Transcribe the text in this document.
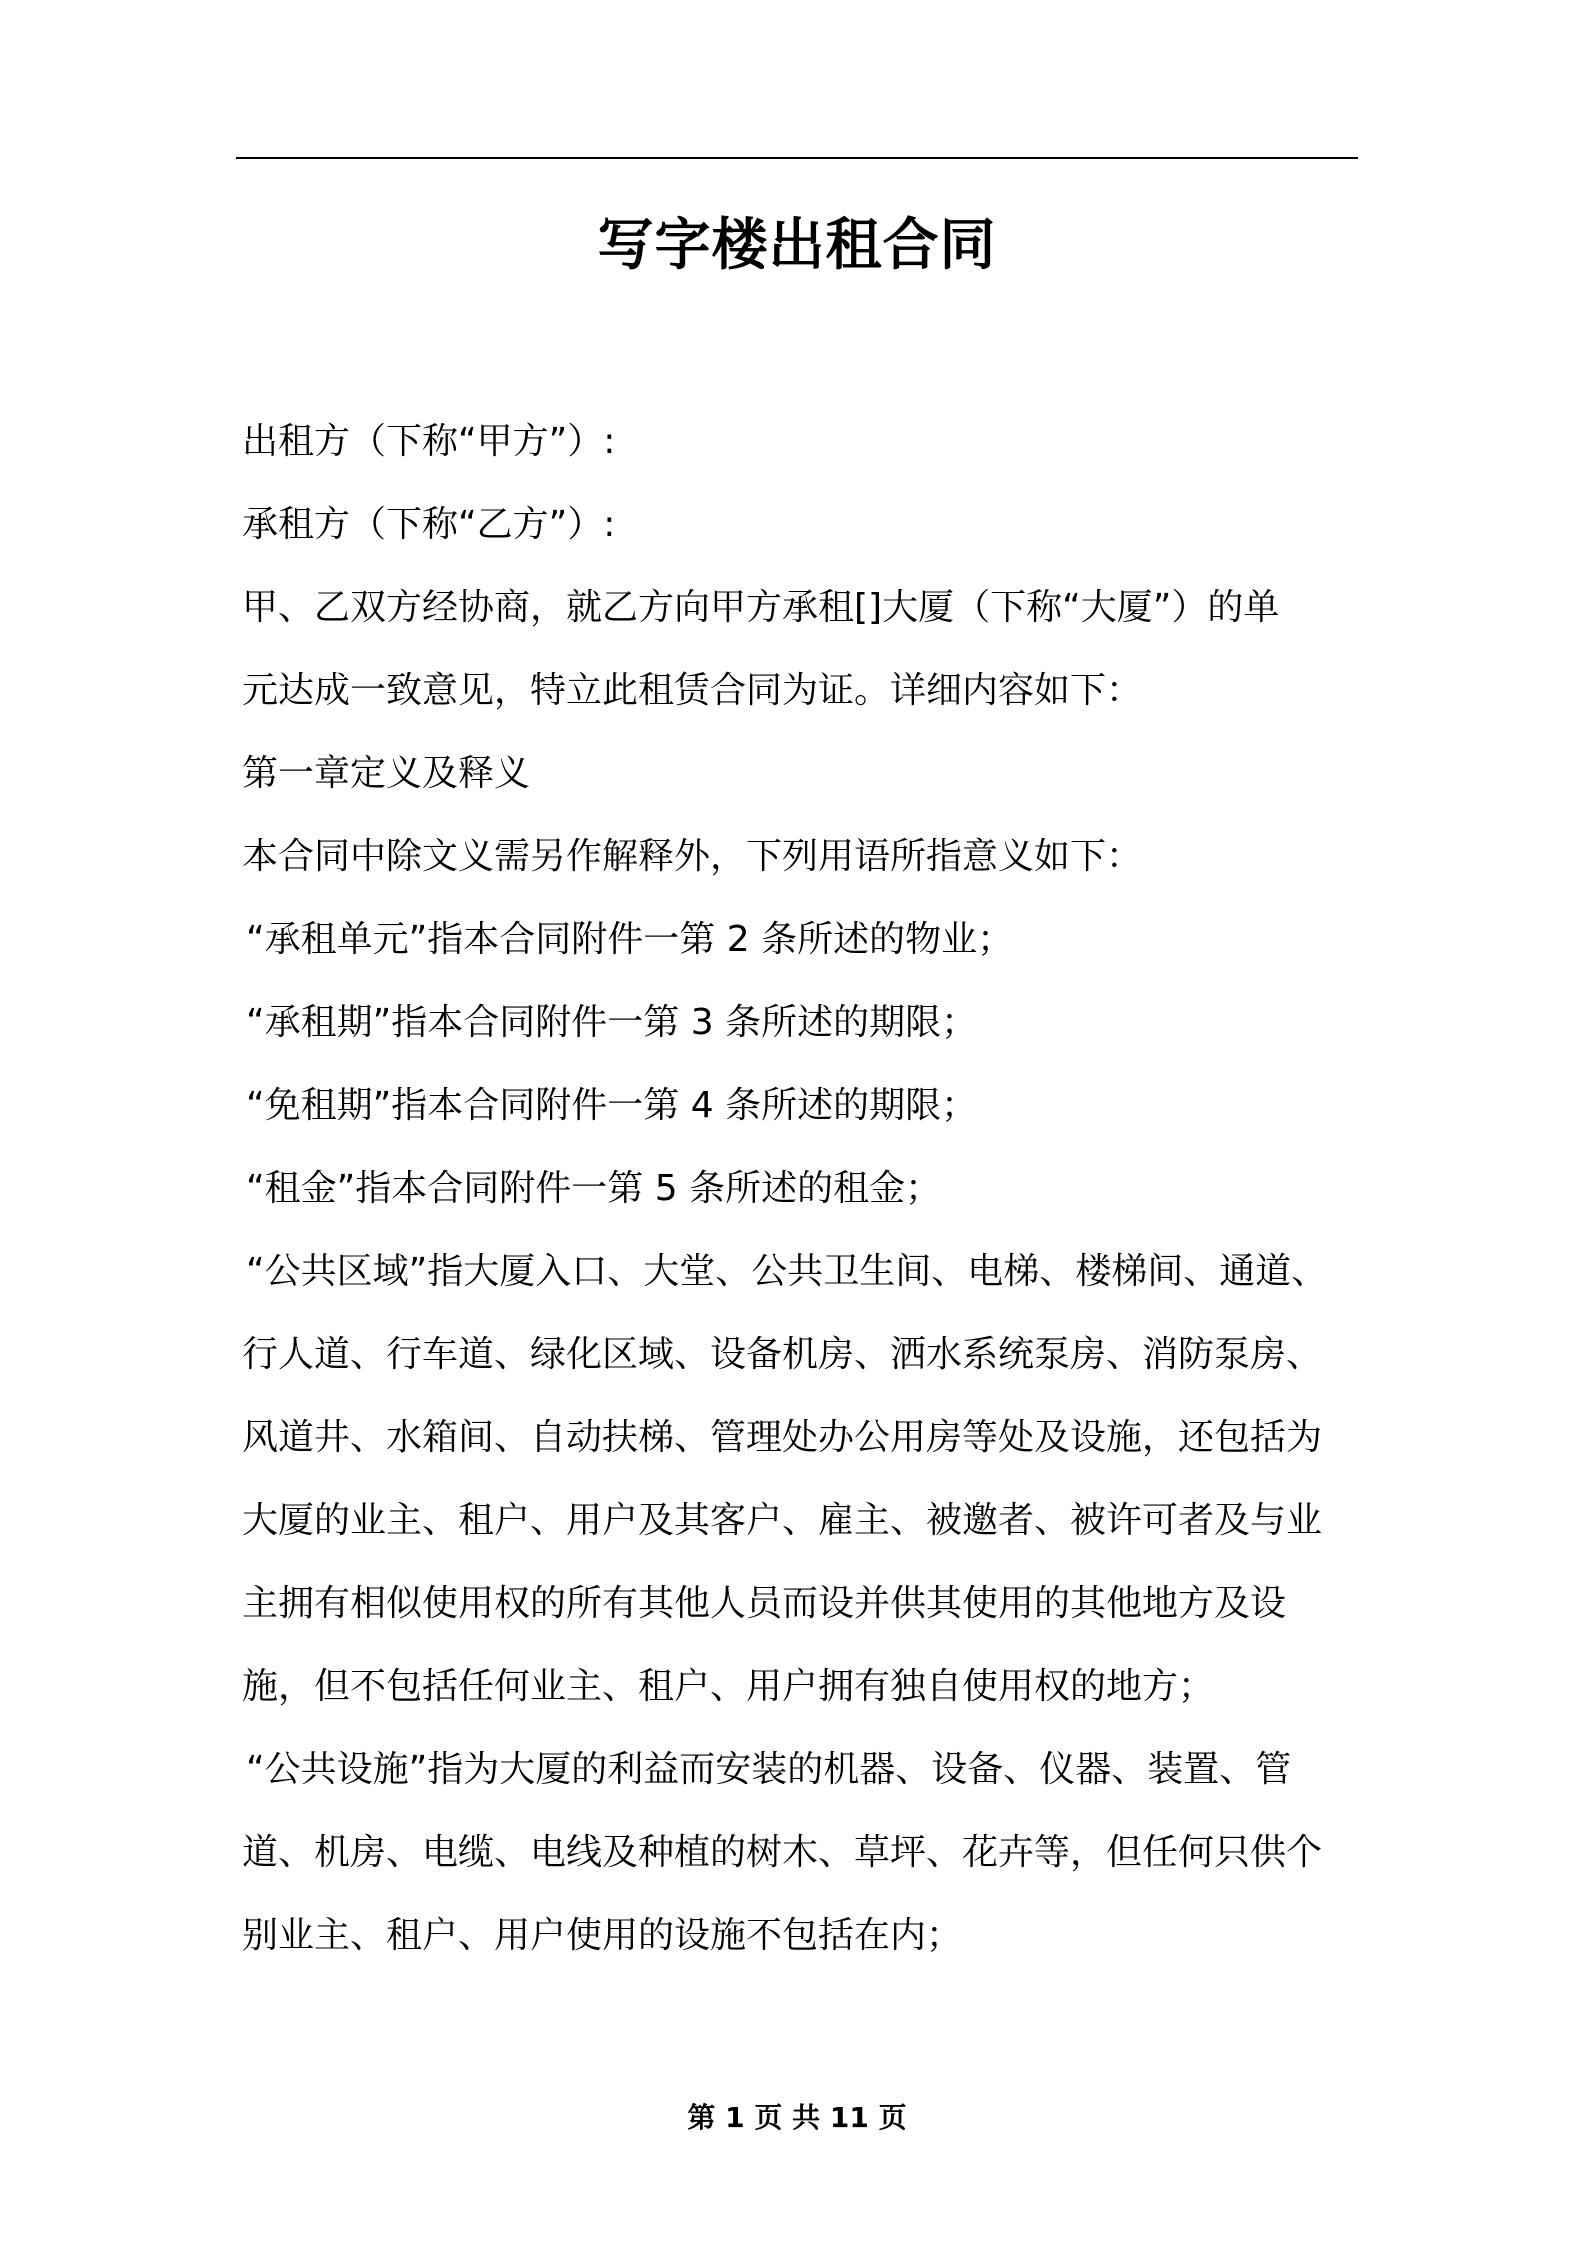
写字楼出租合同
出租方（下称“甲方”）:
承租方（下称“乙方”）:
甲、乙双方经协商，就乙方向甲方承租[]大厦（下称“大厦”）的单
元达成一致意见，特立此租赁合同为证。详细内容如下：
第一章定义及释义
本合同中除文义需另作解释外，下列用语所指意义如下：
“承租单元”指本合同附件一第 2 条所述的物业；
“承租期”指本合同附件一第 3 条所述的期限；
“免租期”指本合同附件一第 4 条所述的期限；
“租金”指本合同附件一第 5 条所述的租金；
“公共区域”指大厦入口、大堂、公共卫生间、电梯、楼梯间、通道、
行人道、行车道、绿化区域、设备机房、洒水系统泵房、消防泵房、
风道井、水箱间、自动扶梯、管理处办公用房等处及设施，还包括为
大厦的业主、租户、用户及其客户、雇主、被邀者、被许可者及与业
主拥有相似使用权的所有其他人员而设并供其使用的其他地方及设
施，但不包括任何业主、租户、用户拥有独自使用权的地方；
“公共设施”指为大厦的利益而安装的机器、设备、仪器、装置、管
道、机房、电缆、电线及种植的树木、草坪、花卉等，但任何只供个
别业主、租户、用户使用的设施不包括在内；
第 1 页 共 11 页
